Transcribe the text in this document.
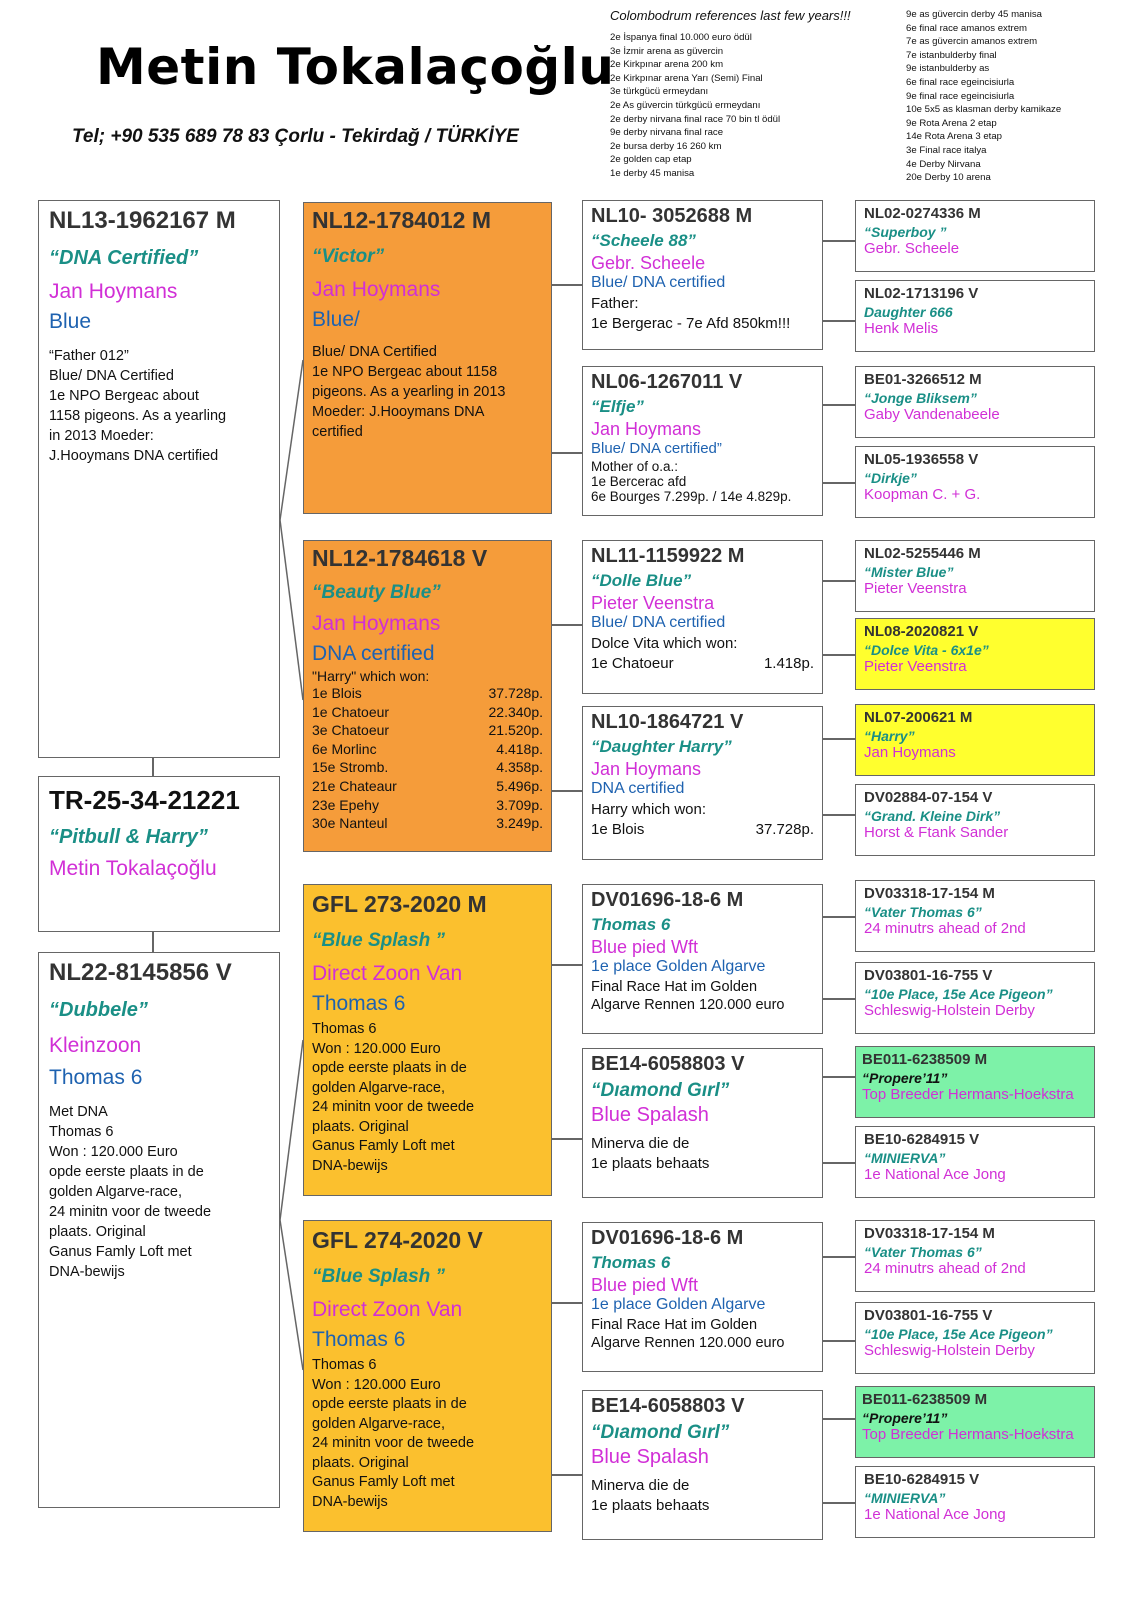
Metin Tokalaçoğlu
Tel; +90 535 689 78 83 Çorlu - Tekirdağ / TÜRKİYE
Colombodrum references last few years!!!
2e İspanya final 10.000 euro ödül
3e İzmir arena as güvercin
2e Kirkpınar arena 200 km
2e Kirkpınar arena Yarı (Semi) Final
3e türkgücü ermeydanı
2e As güvercin türkgücü ermeydanı
2e derby nirvana final race 70 bin tl ödül
9e derby nirvana final race
2e bursa derby 16 260 km
2e golden cap etap
1e derby 45 manisa
9e as güvercin derby 45 manisa
6e final race amanos extrem
7e as güvercin amanos extrem
7e istanbulderby final
9e istanbulderby as
6e final race egeincisiurla
9e final race egeincisiurla
10e 5x5 as klasman derby kamikaze
9e Rota Arena 2 etap
14e Rota Arena 3 etap
3e Final race italya
4e Derby Nirvana
20e Derby 10 arena
NL13-1962167 M
“DNA Certified”
Jan Hoymans
Blue
“Father 012”
Blue/ DNA Certified
1e NPO Bergeac about
1158 pigeons. As a yearling
in 2013 Moeder:
J.Hooymans DNA certified
TR-25-34-21221
“Pitbull & Harry”
Metin Tokalaçoğlu
NL22-8145856 V
“Dubbele”
Kleinzoon
Thomas 6
Met DNA
Thomas 6
Won : 120.000 Euro
opde eerste plaats in de
golden Algarve-race,
24 minitn voor de tweede
plaats. Original
Ganus Famly Loft met
DNA-bewijs
NL12-1784012 M
“Victor”
Jan Hoymans
Blue/
Blue/ DNA Certified
1e NPO Bergeac about 1158
pigeons. As a yearling in 2013
Moeder: J.Hooymans DNA
certified
NL12-1784618 V
“Beauty Blue”
Jan Hoymans
DNA certified
"Harry" which won:
1e Blois	37.728p.
1e Chatoeur	22.340p.
3e Chatoeur	21.520p.
6e Morlinc	4.418p.
15e Stromb.	4.358p.
21e Chateaur	5.496p.
23e Epehy	3.709p.
30e Nanteul	3.249p.
GFL 273-2020 M
“Blue Splash ”
Direct Zoon Van
Thomas 6
Thomas 6
Won : 120.000 Euro
opde eerste plaats in de
golden Algarve-race,
24 minitn voor de tweede
plaats. Original
Ganus Famly Loft met
DNA-bewijs
GFL 274-2020 V
“Blue Splash ”
Direct Zoon Van
Thomas 6
Thomas 6
Won : 120.000 Euro
opde eerste plaats in de
golden Algarve-race,
24 minitn voor de tweede
plaats. Original
Ganus Famly Loft met
DNA-bewijs
NL10- 3052688 M
“Scheele 88”
Gebr. Scheele
Blue/ DNA certified
Father:
1e Bergerac - 7e Afd 850km!!!
NL06-1267011 V
“Elfje”
Jan Hoymans
Blue/ DNA certified”
Mother of o.a.:
1e Bercerac afd
6e Bourges 7.299p. / 14e 4.829p.
NL11-1159922 M
“Dolle Blue”
Pieter Veenstra
Blue/ DNA certified
Dolce Vita which won:
1e Chatoeur	1.418p.
NL10-1864721 V
“Daughter Harry”
Jan Hoymans
DNA certified
Harry which won:
1e Blois	37.728p.
DV01696-18-6 M
Thomas 6
Blue pied Wft
1e place Golden Algarve
Final Race Hat im Golden
Algarve Rennen 120.000 euro
BE14-6058803 V
“Dıamond Gırl”
Blue Spalash
Minerva die de
1e plaats behaats
DV01696-18-6 M
Thomas 6
Blue pied Wft
1e place Golden Algarve
Final Race Hat im Golden
Algarve Rennen 120.000 euro
BE14-6058803 V
“Dıamond Gırl”
Blue Spalash
Minerva die de
1e plaats behaats
NL02-0274336 M
“Superboy ”
Gebr. Scheele
NL02-1713196 V
Daughter 666
Henk Melis
BE01-3266512 M
“Jonge Bliksem”
Gaby Vandenabeele
NL05-1936558 V
“Dirkje”
Koopman C. + G.
NL02-5255446 M
“Mister Blue”
Pieter Veenstra
NL08-2020821 V
“Dolce Vita - 6x1e”
Pieter Veenstra
NL07-200621 M
“Harry”
Jan Hoymans
DV02884-07-154 V
“Grand. Kleine Dirk”
Horst & Ftank Sander
DV03318-17-154 M
“Vater Thomas 6”
24 minutrs ahead of 2nd
DV03801-16-755 V
“10e Place, 15e Ace Pigeon”
Schleswig-Holstein Derby
BE011-6238509 M
“Propere’11”
Top Breeder Hermans-Hoekstra
BE10-6284915 V
“MINIERVA”
1e National Ace Jong
DV03318-17-154 M
“Vater Thomas 6”
24 minutrs ahead of 2nd
DV03801-16-755 V
“10e Place, 15e Ace Pigeon”
Schleswig-Holstein Derby
BE011-6238509 M
“Propere’11”
Top Breeder Hermans-Hoekstra
BE10-6284915 V
“MINIERVA”
1e National Ace Jong
